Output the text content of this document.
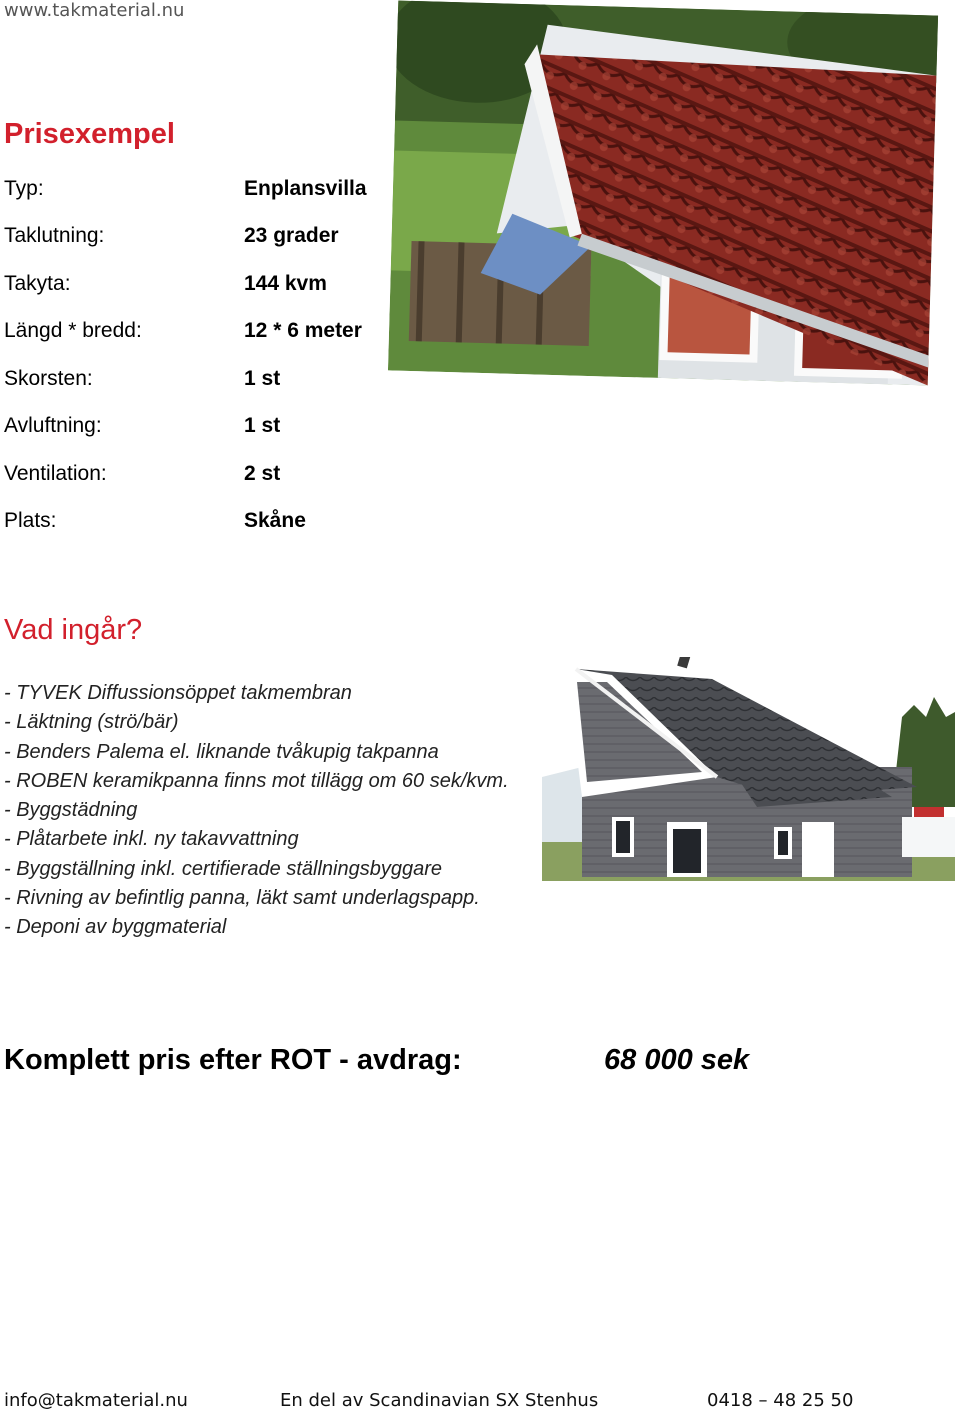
www.takmaterial.nu
Prisexempel
Typ:	Enplansvilla
Taklutning:	23 grader
Takyta:	144 kvm
Längd * bredd:	12 * 6 meter
Skorsten:	1 st
Avluftning:	1 st
Ventilation:	2 st
Plats:	Skåne
Vad ingår?
- TYVEK Diffussionsöppet takmembran
- Läktning (strö/bär)
- Benders Palema el. liknande tvåkupig takpanna
- ROBEN keramikpanna finns mot tillägg om 60 sek/kvm.
- Byggstädning
- Plåtarbete inkl. ny takavvattning
- Byggställning inkl. certifierade ställningsbyggare
- Rivning av befintlig panna, läkt samt underlagspapp.
- Deponi av byggmaterial
Komplett pris efter ROT - avdrag:	68 000 sek
info@takmaterial.nu	En del av Scandinavian SX Stenhus	0418 – 48 25 50
